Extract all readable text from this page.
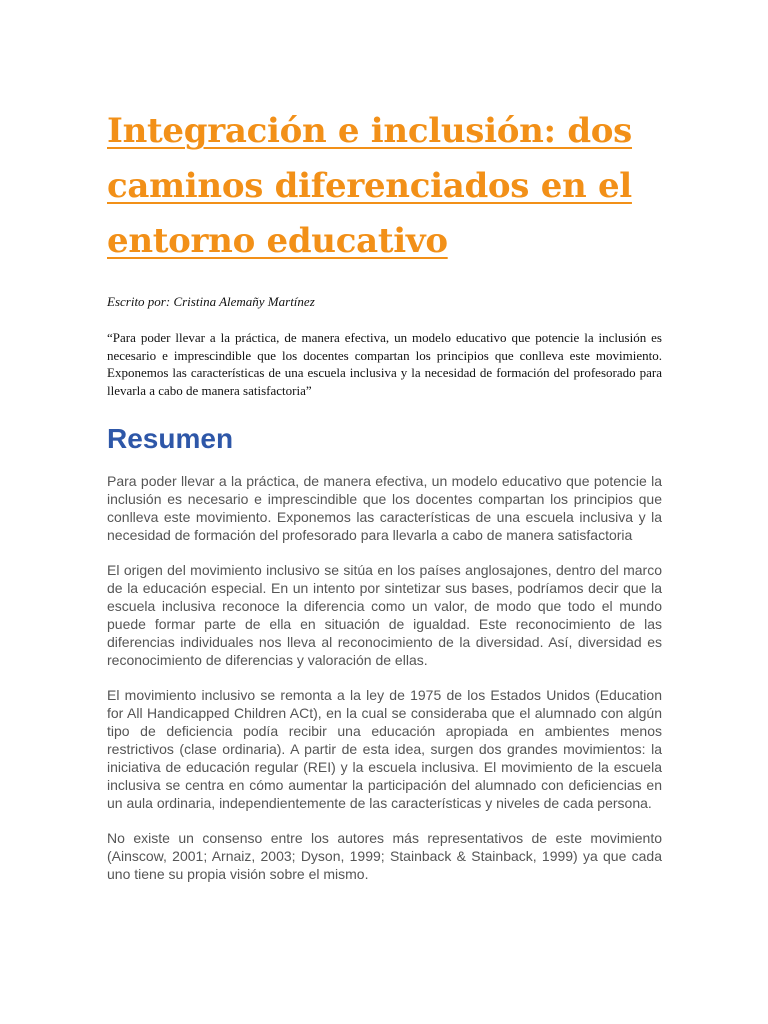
Integración e inclusión: dos caminos diferenciados en el entorno educativo
Escrito por: Cristina Alemañy Martínez
“Para poder llevar a la práctica, de manera efectiva, un modelo educativo que potencie la inclusión es necesario e imprescindible que los docentes compartan los principios que conlleva este movimiento. Exponemos las características de una escuela inclusiva y la necesidad de formación del profesorado para llevarla a cabo de manera satisfactoria”
Resumen

Para poder llevar a la práctica, de manera efectiva, un modelo educativo que potencie la inclusión es necesario e imprescindible que los docentes compartan los principios que conlleva este movimiento. Exponemos las características de una escuela inclusiva y la necesidad de formación del profesorado para llevarla a cabo de manera satisfactoria

El origen del movimiento inclusivo se sitúa en los países anglosajones, dentro del marco de la educación especial. En un intento por sintetizar sus bases, podríamos decir que la escuela inclusiva reconoce la diferencia como un valor, de modo que todo el mundo puede formar parte de ella en situación de igualdad. Este reconocimiento de las diferencias individuales nos lleva al reconocimiento de la diversidad. Así, diversidad es reconocimiento de diferencias y valoración de ellas.

El movimiento inclusivo se remonta a la ley de 1975 de los Estados Unidos (Education for All Handicapped Children ACt), en la cual se consideraba que el alumnado con algún tipo de deficiencia podía recibir una educación apropiada en ambientes menos restrictivos (clase ordinaria). A partir de esta idea, surgen dos grandes movimientos: la iniciativa de educación regular (REI) y la escuela inclusiva. El movimiento de la escuela inclusiva se centra en cómo aumentar la participación del alumnado con deficiencias en un aula ordinaria, independientemente de las características y niveles de cada persona.

No existe un consenso entre los autores más representativos de este movimiento (Ainscow, 2001; Arnaiz, 2003; Dyson, 1999; Stainback & Stainback, 1999) ya que cada uno tiene su propia visión sobre el mismo.
